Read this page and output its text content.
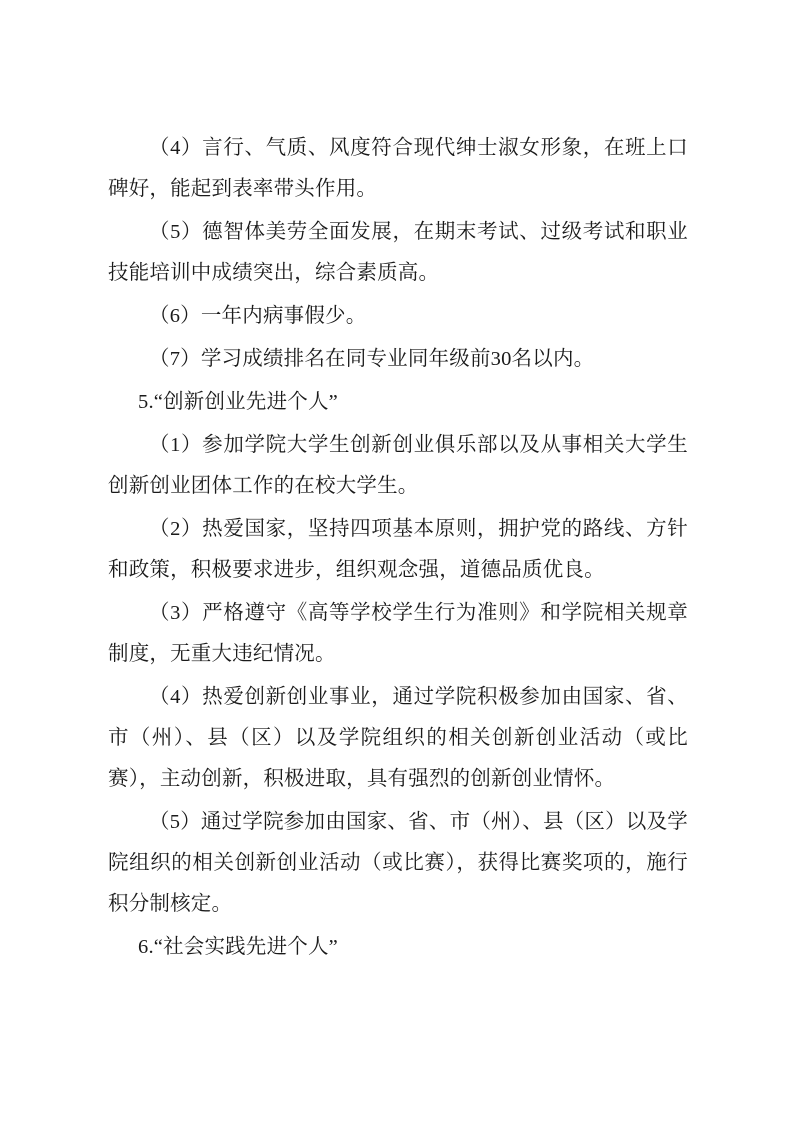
（4）言行、气质、风度符合现代绅士淑女形象，在班上口碑好，能起到表率带头作用。

（5）德智体美劳全面发展，在期末考试、过级考试和职业技能培训中成绩突出，综合素质高。

（6）一年内病事假少。

（7）学习成绩排名在同专业同年级前30名以内。

5.“创新创业先进个人”

（1）参加学院大学生创新创业俱乐部以及从事相关大学生创新创业团体工作的在校大学生。

（2）热爱国家，坚持四项基本原则，拥护党的路线、方针和政策，积极要求进步，组织观念强，道德品质优良。

（3）严格遵守《高等学校学生行为准则》和学院相关规章制度，无重大违纪情况。

（4）热爱创新创业事业，通过学院积极参加由国家、省、市（州）、县（区）以及学院组织的相关创新创业活动（或比赛），主动创新，积极进取，具有强烈的创新创业情怀。

（5）通过学院参加由国家、省、市（州）、县（区）以及学院组织的相关创新创业活动（或比赛），获得比赛奖项的，施行积分制核定。

6.“社会实践先进个人”
